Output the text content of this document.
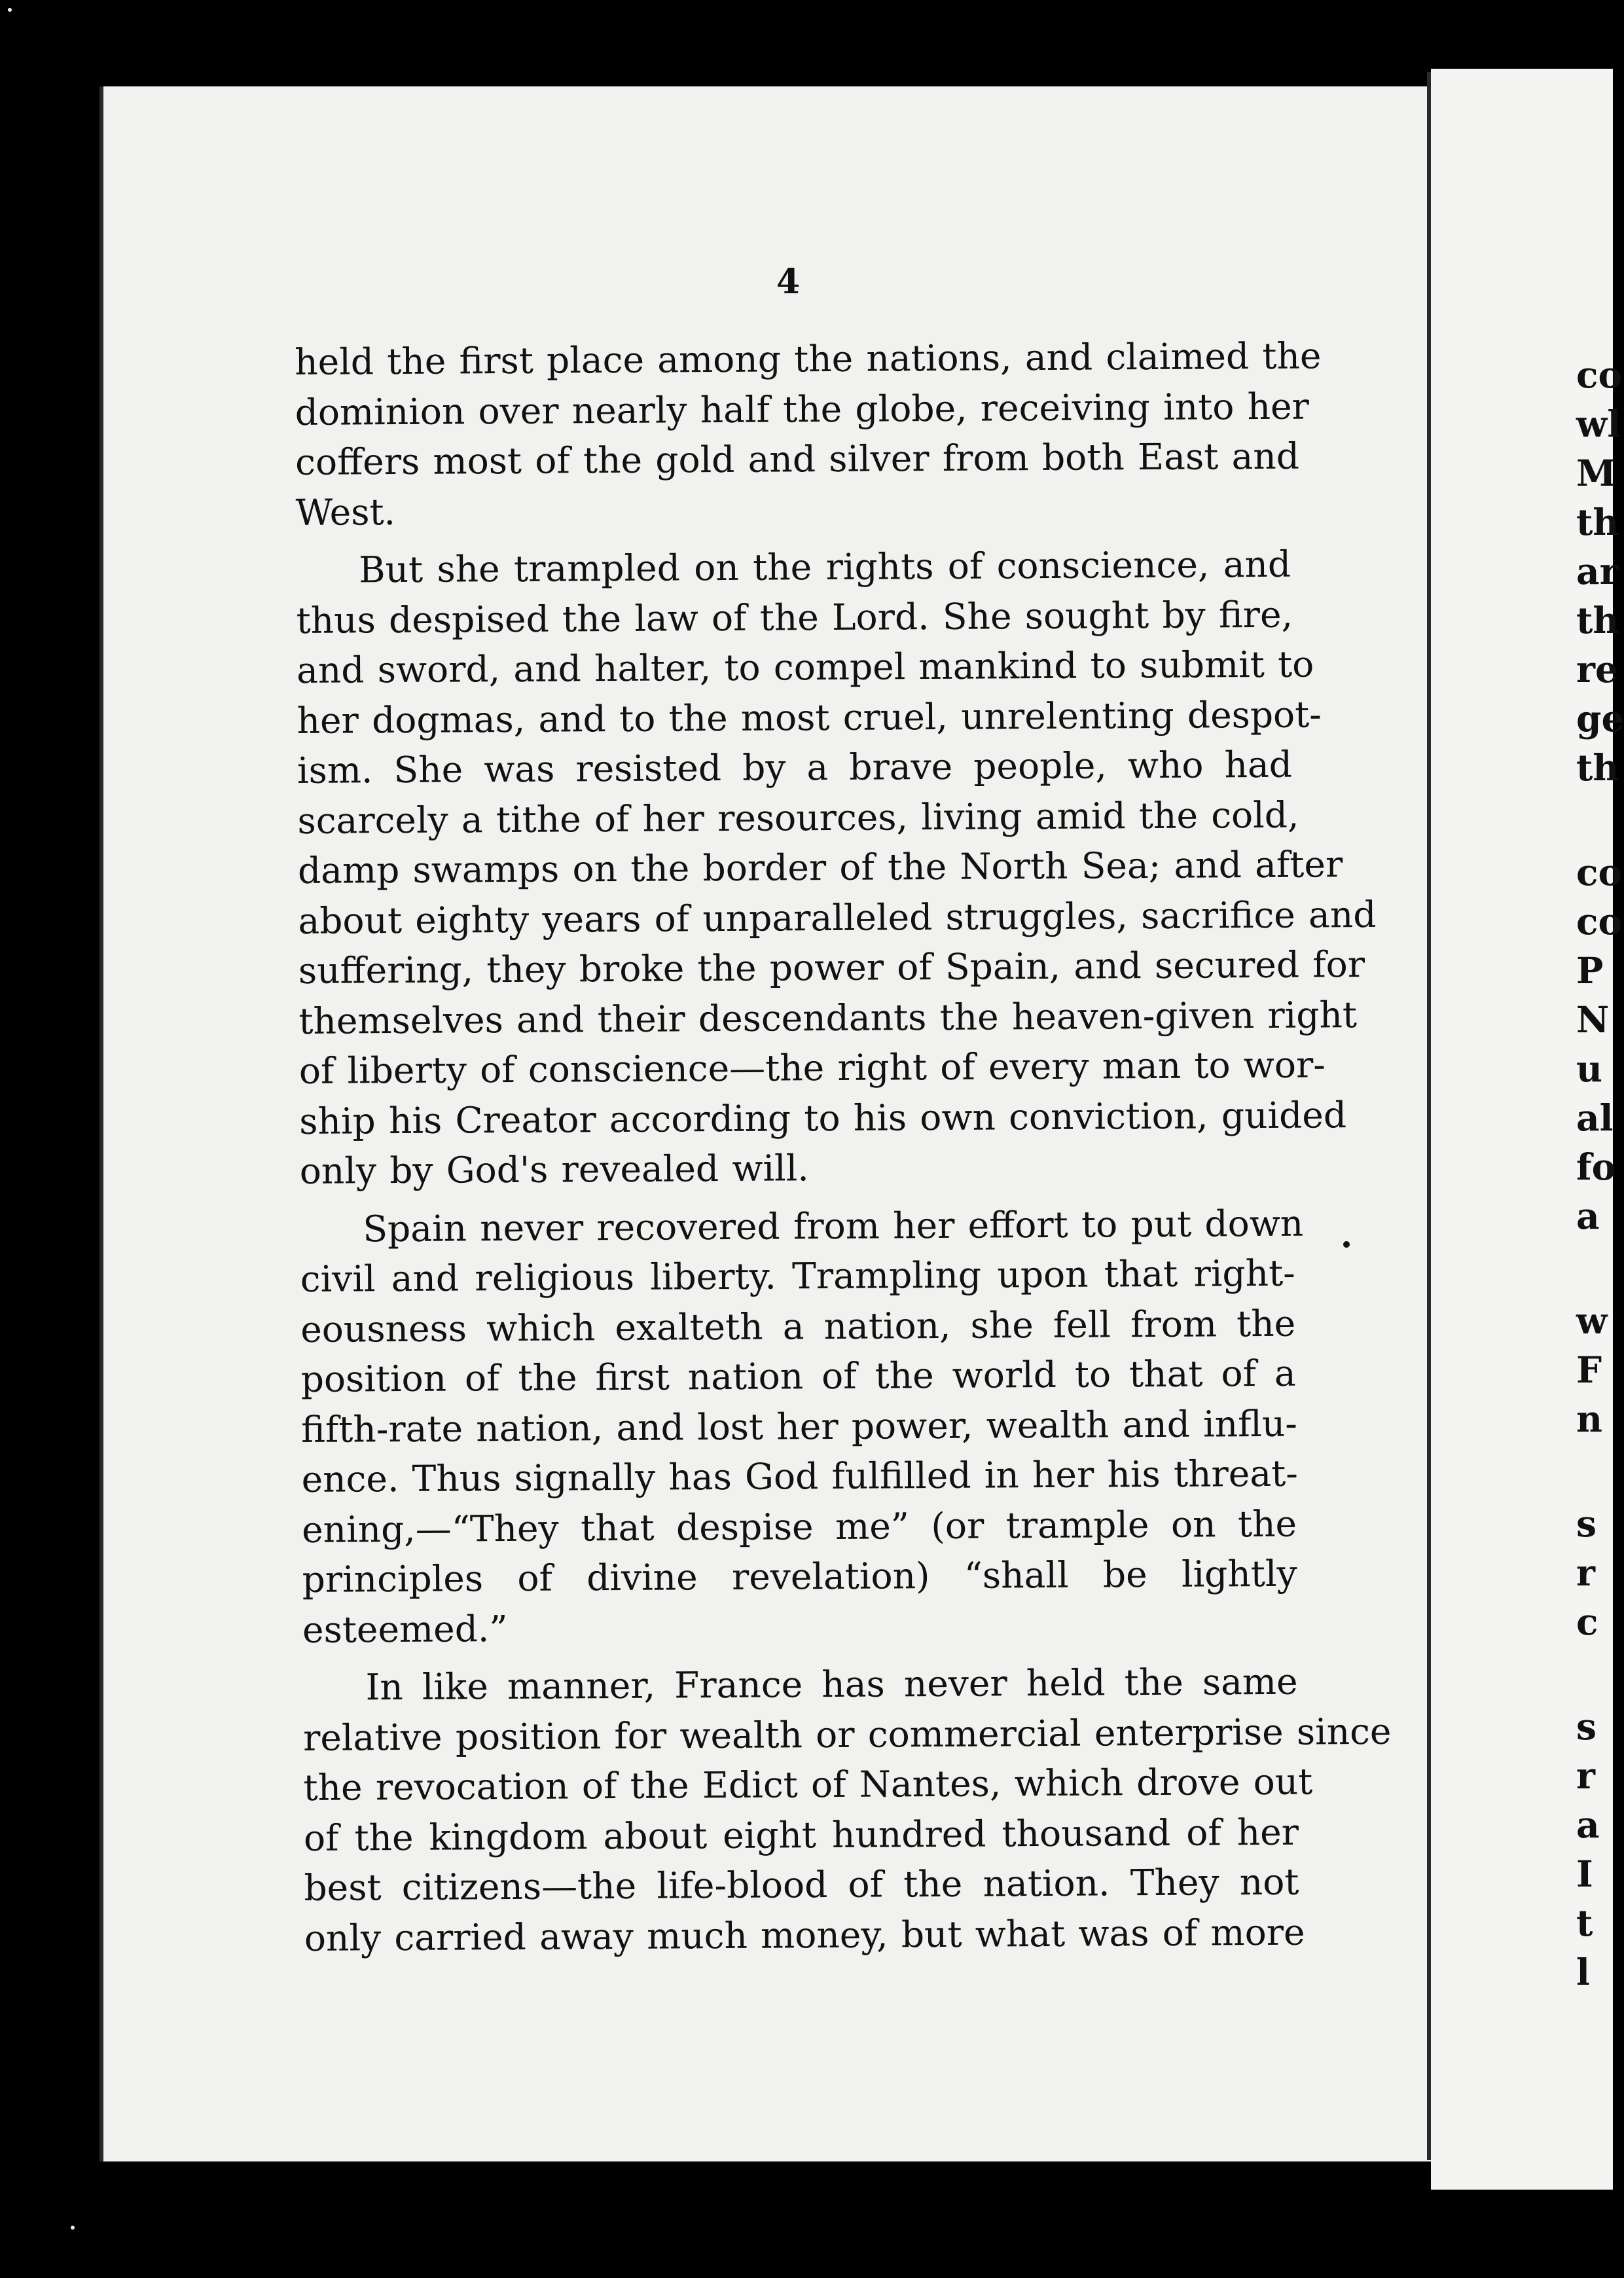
4
held the first place among the nations, and claimed the
dominion over nearly half the globe, receiving into her
coffers most of the gold and silver from both East and
West.
But she trampled on the rights of conscience, and
thus despised the law of the Lord. She sought by fire,
and sword, and halter, to compel mankind to submit to
her dogmas, and to the most cruel, unrelenting despot-
ism. She was resisted by a brave people, who had
scarcely a tithe of her resources, living amid the cold,
damp swamps on the border of the North Sea; and after
about eighty years of unparalleled struggles, sacrifice and
suffering, they broke the power of Spain, and secured for
themselves and their descendants the heaven-given right
of liberty of conscience—the right of every man to wor-
ship his Creator according to his own conviction, guided
only by God's revealed will.
Spain never recovered from her effort to put down
civil and religious liberty. Trampling upon that right-
eousness which exalteth a nation, she fell from the
position of the first nation of the world to that of a
fifth-rate nation, and lost her power, wealth and influ-
ence. Thus signally has God fulfilled in her his threat-
ening,—“They that despise me” (or trample on the
principles of divine revelation) “shall be lightly
esteemed.”
In like manner, France has never held the same
relative position for wealth or commercial enterprise since
the revocation of the Edict of Nantes, which drove out
of the kingdom about eight hundred thousand of her
best citizens—the life-blood of the nation. They not
only carried away much money, but what was of more
co
wl
M
th
ar
th
re
ge
th
co
co
P
N
u
al
fo
a
w
F
n
s
r
c
s
r
a
I
t
l
